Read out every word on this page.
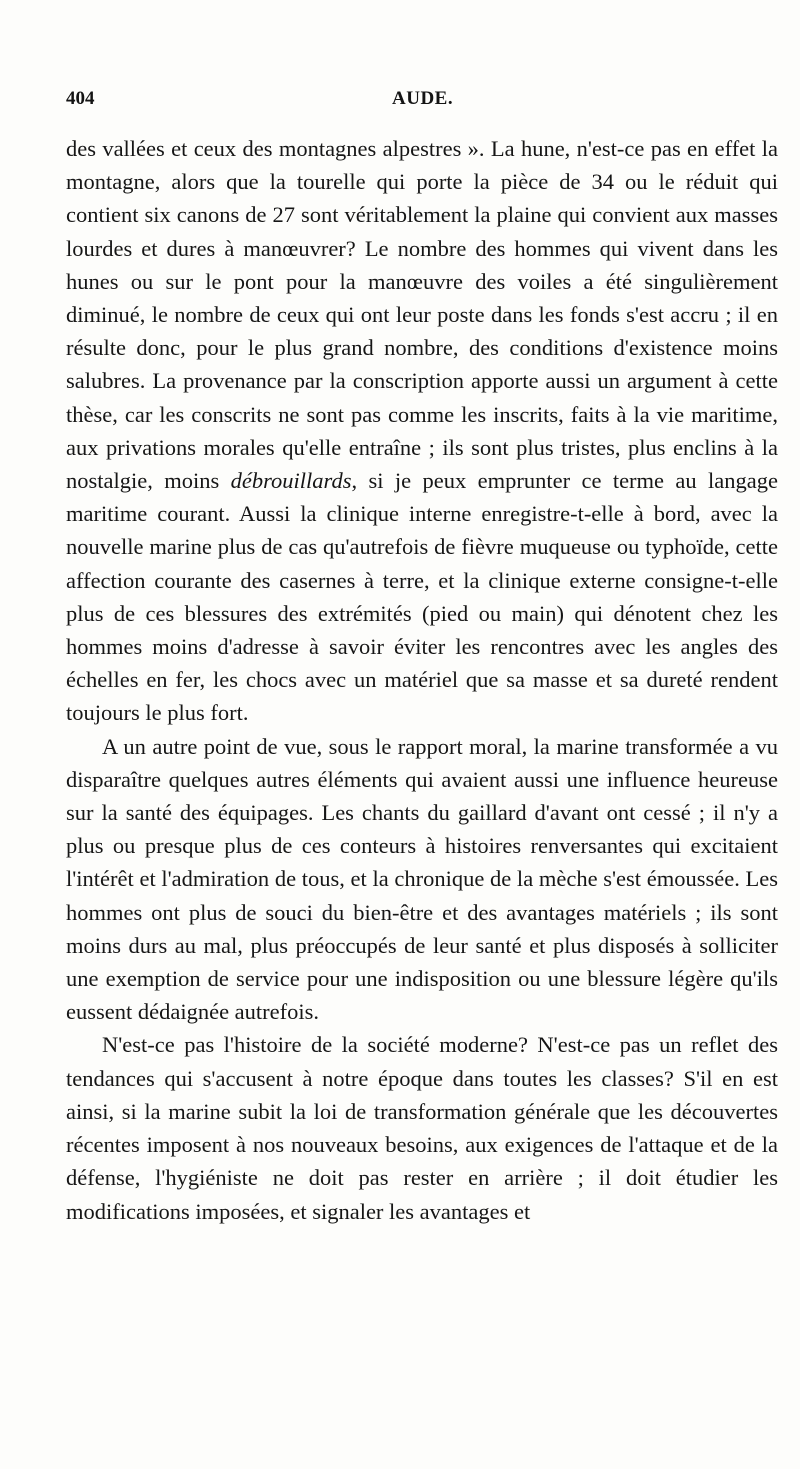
404	AUDE.

des vallées et ceux des montagnes alpestres ». La hune, n'est-ce pas en effet la montagne, alors que la tourelle qui porte la pièce de 34 ou le réduit qui contient six canons de 27 sont véritablement la plaine qui convient aux masses lourdes et dures à manœuvrer? Le nombre des hommes qui vivent dans les hunes ou sur le pont pour la manœuvre des voiles a été singulièrement diminué, le nombre de ceux qui ont leur poste dans les fonds s'est accru ; il en résulte donc, pour le plus grand nombre, des conditions d'existence moins salubres. La provenance par la conscription apporte aussi un argument à cette thèse, car les conscrits ne sont pas comme les inscrits, faits à la vie maritime, aux privations morales qu'elle entraîne ; ils sont plus tristes, plus enclins à la nostalgie, moins débrouillards, si je peux emprunter ce terme au langage maritime courant. Aussi la clinique interne enregistre-t-elle à bord, avec la nouvelle marine plus de cas qu'autrefois de fièvre muqueuse ou typhoïde, cette affection courante des casernes à terre, et la clinique externe consigne-t-elle plus de ces blessures des extrémités (pied ou main) qui dénotent chez les hommes moins d'adresse à savoir éviter les rencontres avec les angles des échelles en fer, les chocs avec un matériel que sa masse et sa dureté rendent toujours le plus fort.

A un autre point de vue, sous le rapport moral, la marine transformée a vu disparaître quelques autres éléments qui avaient aussi une influence heureuse sur la santé des équipages. Les chants du gaillard d'avant ont cessé ; il n'y a plus ou presque plus de ces conteurs à histoires renversantes qui excitaient l'intérêt et l'admiration de tous, et la chronique de la mèche s'est émoussée. Les hommes ont plus de souci du bien-être et des avantages matériels ; ils sont moins durs au mal, plus préoccupés de leur santé et plus disposés à solliciter une exemption de service pour une indisposition ou une blessure légère qu'ils eussent dédaignée autrefois.

N'est-ce pas l'histoire de la société moderne? N'est-ce pas un reflet des tendances qui s'accusent à notre époque dans toutes les classes? S'il en est ainsi, si la marine subit la loi de transformation générale que les découvertes récentes imposent à nos nouveaux besoins, aux exigences de l'attaque et de la défense, l'hygiéniste ne doit pas rester en arrière ; il doit étudier les modifications imposées, et signaler les avantages et
